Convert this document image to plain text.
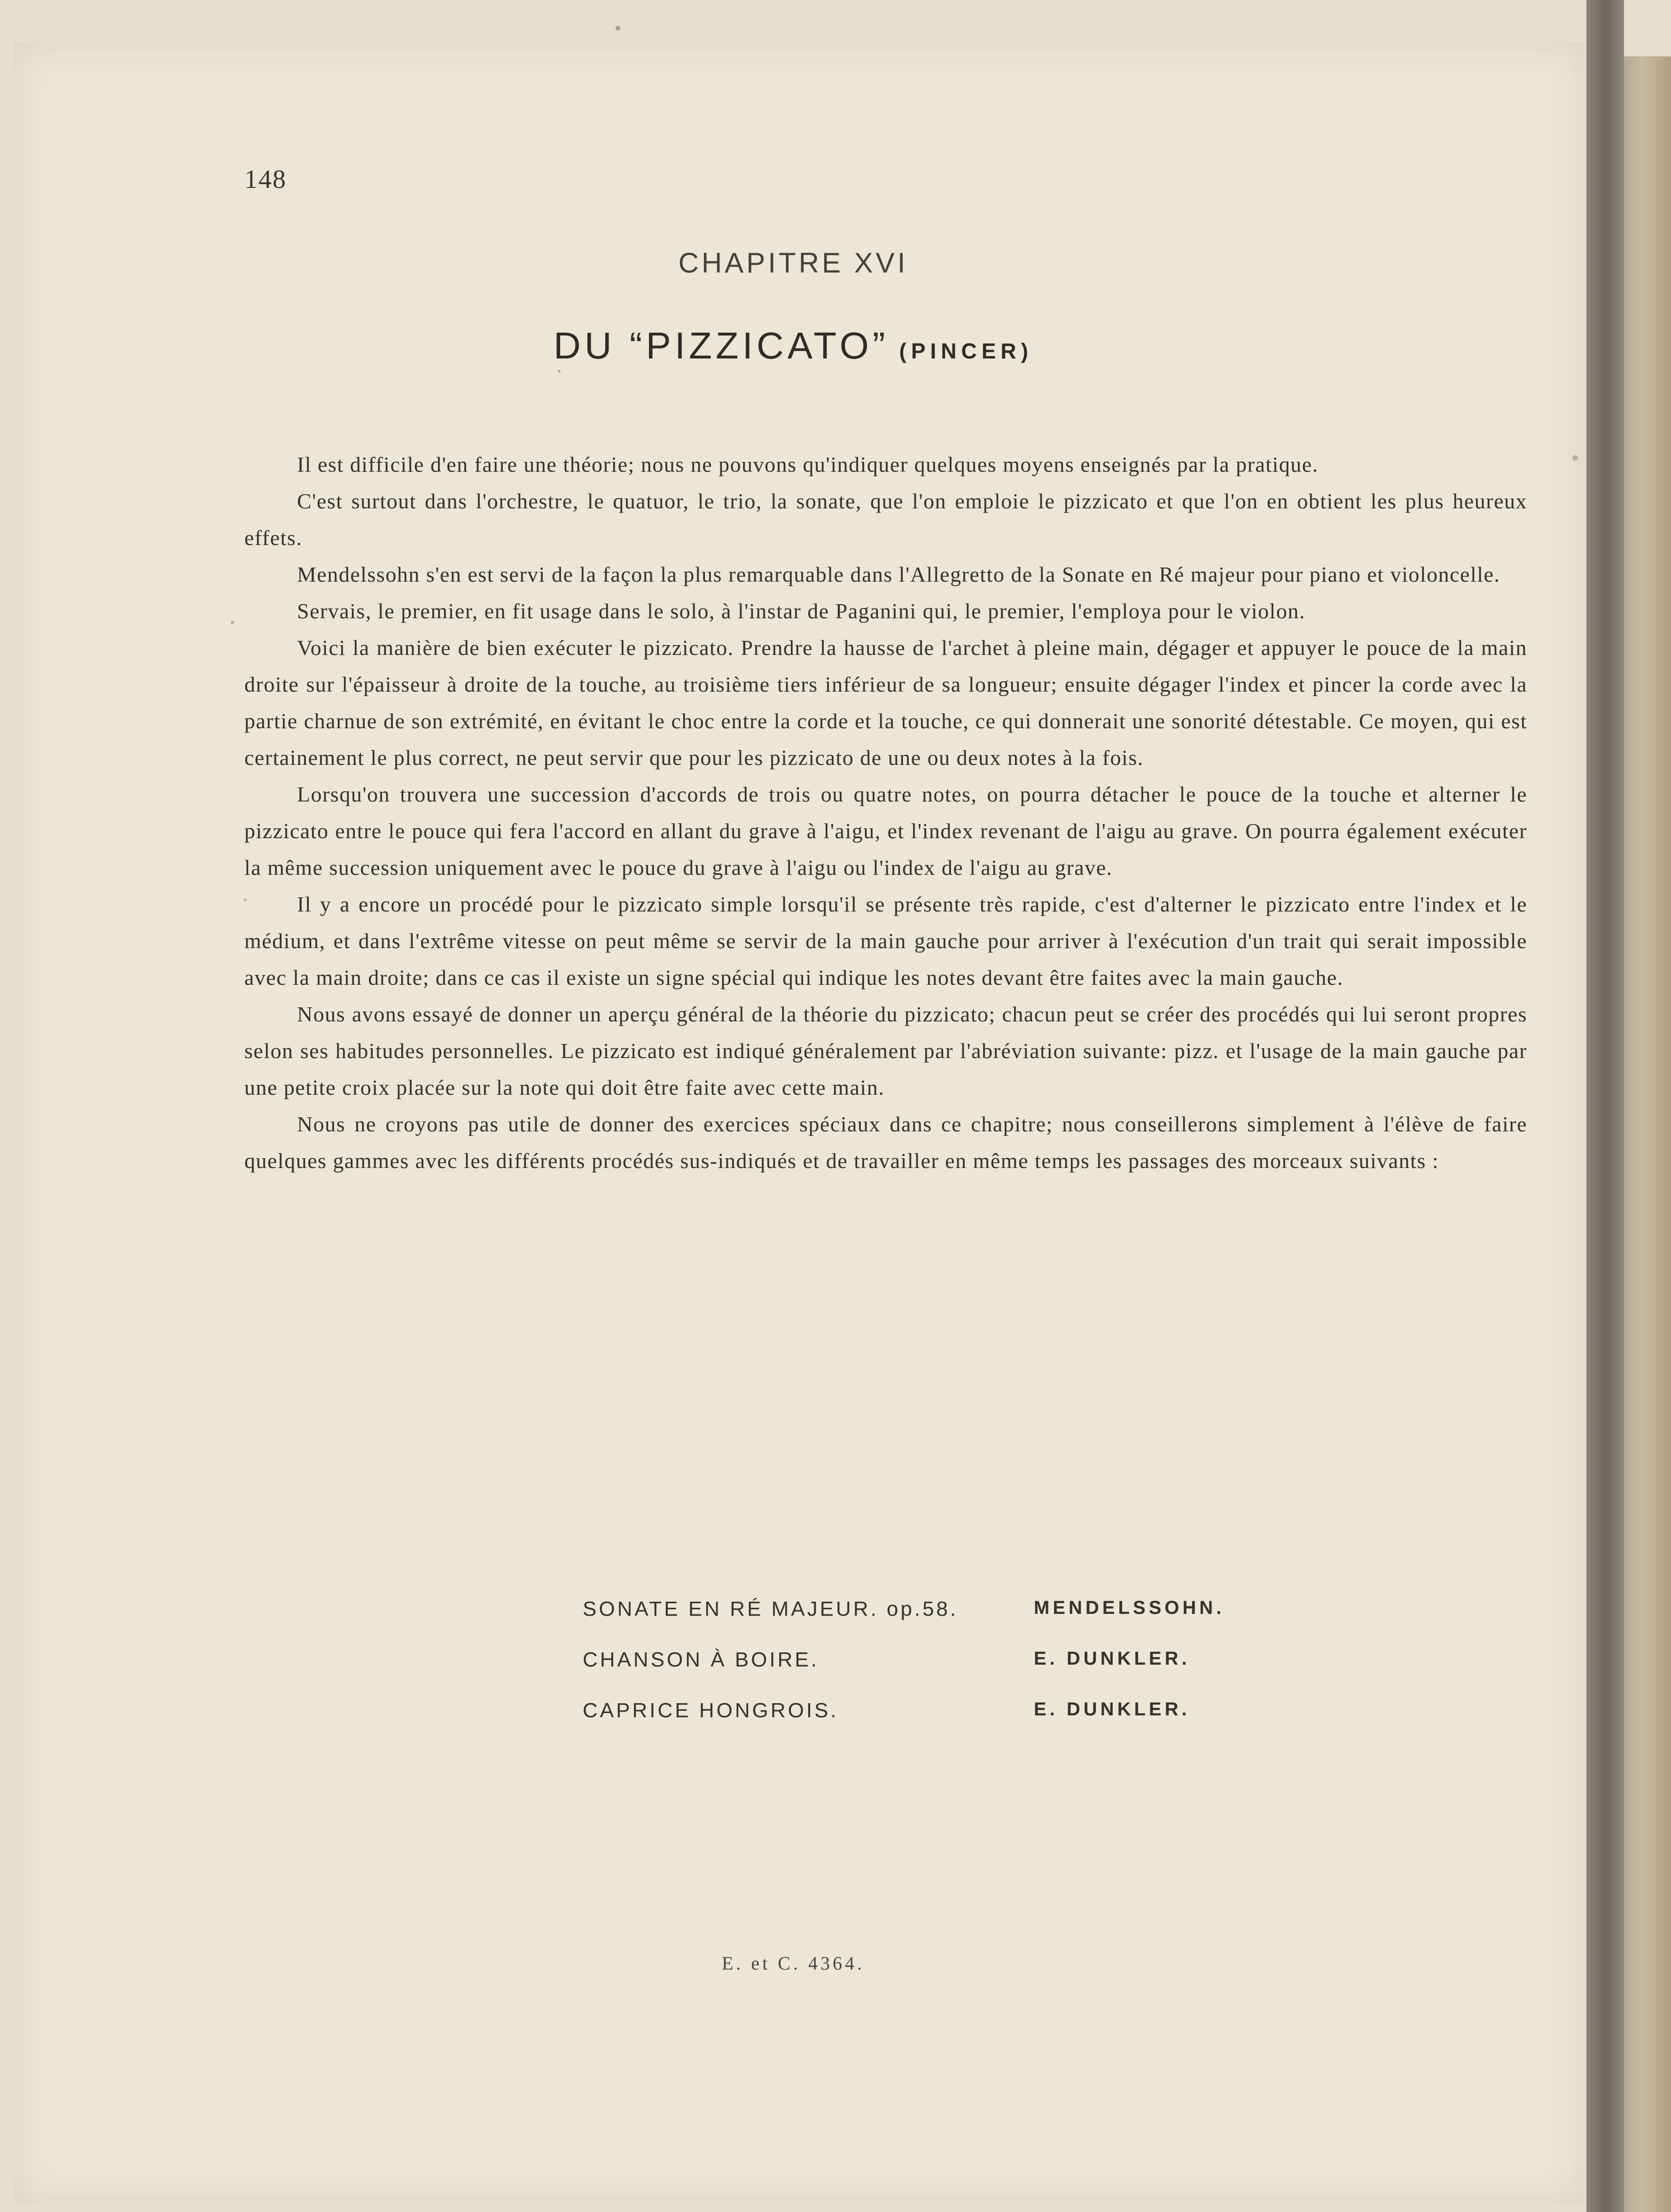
148
CHAPITRE XVI
DU “PIZZICATO” (PINCER)

Il est difficile d'en faire une théorie; nous ne pouvons qu'indiquer quelques moyens enseignés par la pratique.

C'est surtout dans l'orchestre, le quatuor, le trio, la sonate, que l'on emploie le pizzicato et que l'on en obtient les plus heureux effets.

Mendelssohn s'en est servi de la façon la plus remarquable dans l'Allegretto de la Sonate en Ré majeur pour piano et violoncelle.

Servais, le premier, en fit usage dans le solo, à l'instar de Paganini qui, le premier, l'employa pour le violon.

Voici la manière de bien exécuter le pizzicato. Prendre la hausse de l'archet à pleine main, dégager et appuyer le pouce de la main droite sur l'épaisseur à droite de la touche, au troisième tiers inférieur de sa longueur; ensuite dégager l'index et pincer la corde avec la partie charnue de son extrémité, en évitant le choc entre la corde et la touche, ce qui donnerait une sonorité détestable. Ce moyen, qui est certainement le plus correct, ne peut servir que pour les pizzicato de une ou deux notes à la fois.

Lorsqu'on trouvera une succession d'accords de trois ou quatre notes, on pourra détacher le pouce de la touche et alterner le pizzicato entre le pouce qui fera l'accord en allant du grave à l'aigu, et l'index revenant de l'aigu au grave. On pourra également exécuter la même succession uniquement avec le pouce du grave à l'aigu ou l'index de l'aigu au grave.

Il y a encore un procédé pour le pizzicato simple lorsqu'il se présente très rapide, c'est d'alterner le pizzicato entre l'index et le médium, et dans l'extrême vitesse on peut même se servir de la main gauche pour arriver à l'exécution d'un trait qui serait impossible avec la main droite; dans ce cas il existe un signe spécial qui indique les notes devant être faites avec la main gauche.

Nous avons essayé de donner un aperçu général de la théorie du pizzicato; chacun peut se créer des procédés qui lui seront propres selon ses habitudes personnelles. Le pizzicato est indiqué généralement par l'abréviation suivante: pizz. et l'usage de la main gauche par une petite croix placée sur la note qui doit être faite avec cette main.

Nous ne croyons pas utile de donner des exercices spéciaux dans ce chapitre; nous conseillerons simplement à l'élève de faire quelques gammes avec les différents procédés sus-indiqués et de travailler en même temps les passages des morceaux suivants :

SONATE EN RÉ MAJEUR. op.58.	MENDELSSOHN.
CHANSON À BOIRE.	E. DUNKLER.
CAPRICE HONGROIS.	E. DUNKLER.
E. et C. 4364.
